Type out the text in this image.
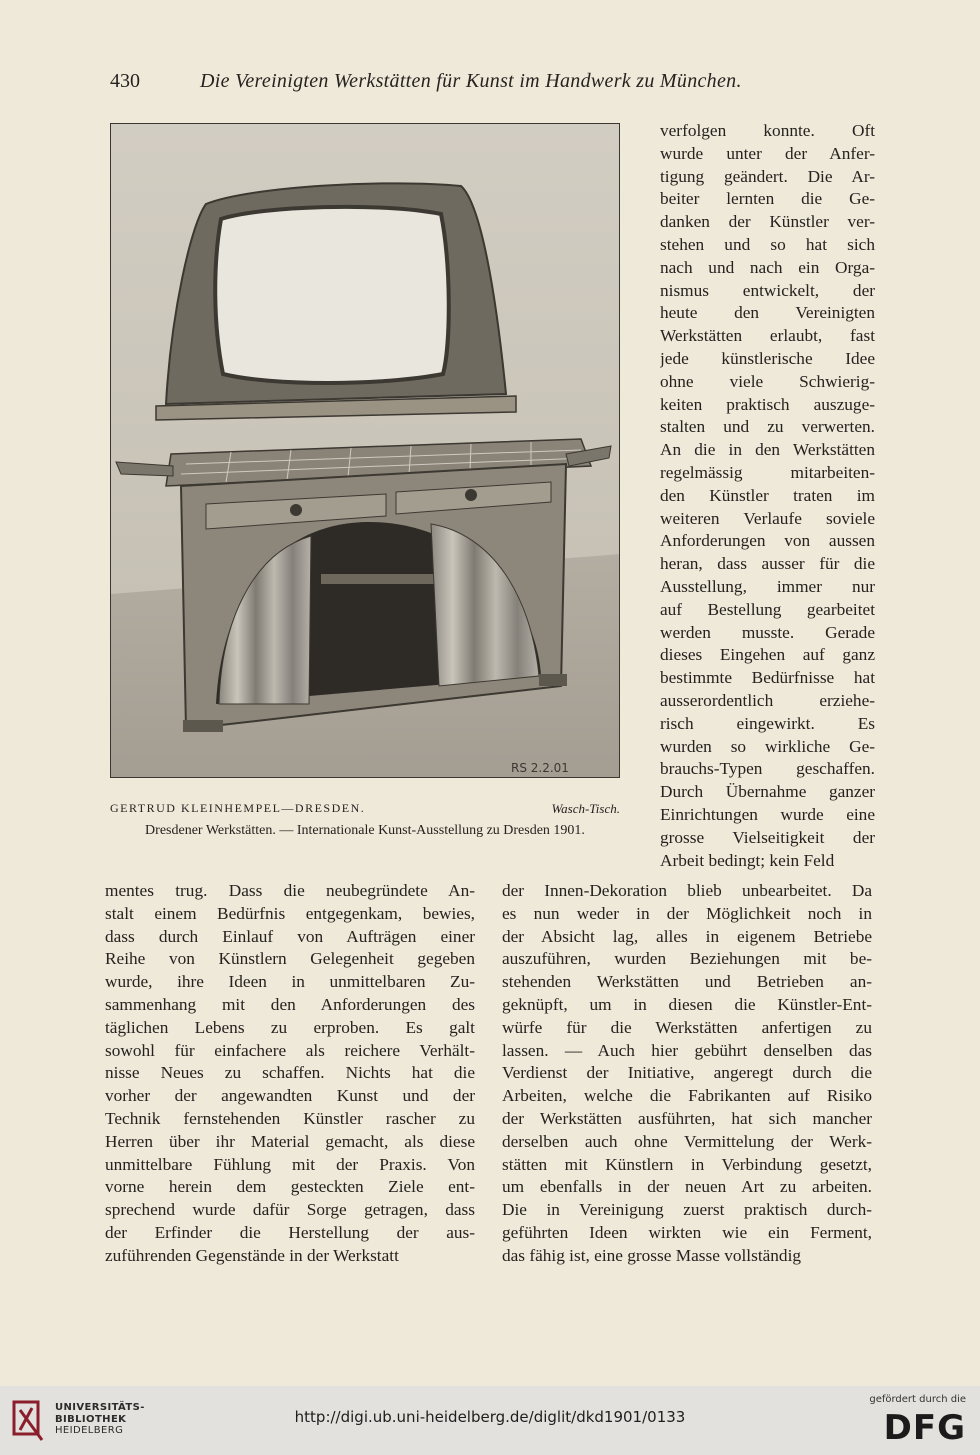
430	Die Vereinigten Werkstätten für Kunst im Handwerk zu München.
RS 2.2.01
GERTRUD KLEINHEMPEL—DRESDEN.	Wasch-Tisch.
Dresdener Werkstätten. — Internationale Kunst-Ausstellung zu Dresden 1901.
verfolgen konnte. Oft
wurde unter der Anfer-
tigung geändert. Die Ar-
beiter lernten die Ge-
danken der Künstler ver-
stehen und so hat sich
nach und nach ein Orga-
nismus entwickelt, der
heute den Vereinigten
Werkstätten erlaubt, fast
jede künstlerische Idee
ohne viele Schwierig-
keiten praktisch auszuge-
stalten und zu verwerten.
An die in den Werkstätten
regelmässig mitarbeiten-
den Künstler traten im
weiteren Verlaufe soviele
Anforderungen von aussen
heran, dass ausser für die
Ausstellung, immer nur
auf Bestellung gearbeitet
werden musste. Gerade
dieses Eingehen auf ganz
bestimmte Bedürfnisse hat
ausserordentlich erziehe-
risch eingewirkt. Es
wurden so wirkliche Ge-
brauchs-Typen geschaffen.
Durch Übernahme ganzer
Einrichtungen wurde eine
grosse Vielseitigkeit der
Arbeit bedingt; kein Feld
mentes trug. Dass die neubegründete An-
stalt einem Bedürfnis entgegenkam, bewies,
dass durch Einlauf von Aufträgen einer
Reihe von Künstlern Gelegenheit gegeben
wurde, ihre Ideen in unmittelbaren Zu-
sammenhang mit den Anforderungen des
täglichen Lebens zu erproben. Es galt
sowohl für einfachere als reichere Verhält-
nisse Neues zu schaffen. Nichts hat die
vorher der angewandten Kunst und der
Technik fernstehenden Künstler rascher zu
Herren über ihr Material gemacht, als diese
unmittelbare Fühlung mit der Praxis. Von
vorne herein dem gesteckten Ziele ent-
sprechend wurde dafür Sorge getragen, dass
der Erfinder die Herstellung der aus-
zuführenden Gegenstände in der Werkstatt
der Innen-Dekoration blieb unbearbeitet. Da
es nun weder in der Möglichkeit noch in
der Absicht lag, alles in eigenem Betriebe
auszuführen, wurden Beziehungen mit be-
stehenden Werkstätten und Betrieben an-
geknüpft, um in diesen die Künstler-Ent-
würfe für die Werkstätten anfertigen zu
lassen. — Auch hier gebührt denselben das
Verdienst der Initiative, angeregt durch die
Arbeiten, welche die Fabrikanten auf Risiko
der Werkstätten ausführten, hat sich mancher
derselben auch ohne Vermittelung der Werk-
stätten mit Künstlern in Verbindung gesetzt,
um ebenfalls in der neuen Art zu arbeiten.
Die in Vereinigung zuerst praktisch durch-
geführten Ideen wirkten wie ein Ferment,
das fähig ist, eine grosse Masse vollständig
UNIVERSITÄTS-
BIBLIOTHEK
HEIDELBERG
http://digi.ub.uni-heidelberg.de/diglit/dkd1901/0133
gefördert durch die
DFG
